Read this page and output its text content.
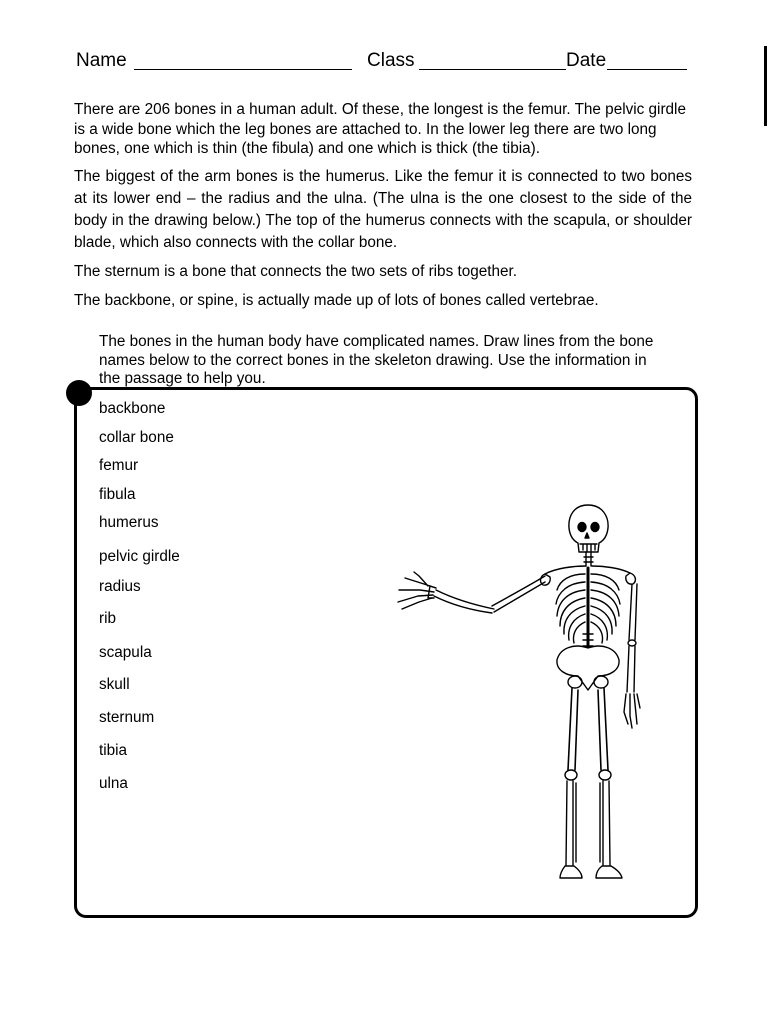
Name	Class	Date

There are 206 bones in a human adult. Of these, the longest is the femur. The pelvic girdle is a wide bone which the leg bones are attached to. In the lower leg there are two long bones, one which is thin (the fibula) and one which is thick (the tibia).

The biggest of the arm bones is the humerus. Like the femur it is connected to two bones at its lower end – the radius and the ulna. (The ulna is the one closest to the side of the body in the drawing below.) The top of the humerus connects with the scapula, or shoulder blade, which also connects with the collar bone.

The sternum is a bone that connects the two sets of ribs together.

The backbone, or spine, is actually made up of lots of bones called vertebrae.

The bones in the human body have complicated names. Draw lines from the bone names below to the correct bones in the skeleton drawing. Use the information in the passage to help you.

backbone
collar bone
femur
fibula
humerus
pelvic girdle
radius
rib
scapula
skull
sternum
tibia
ulna
